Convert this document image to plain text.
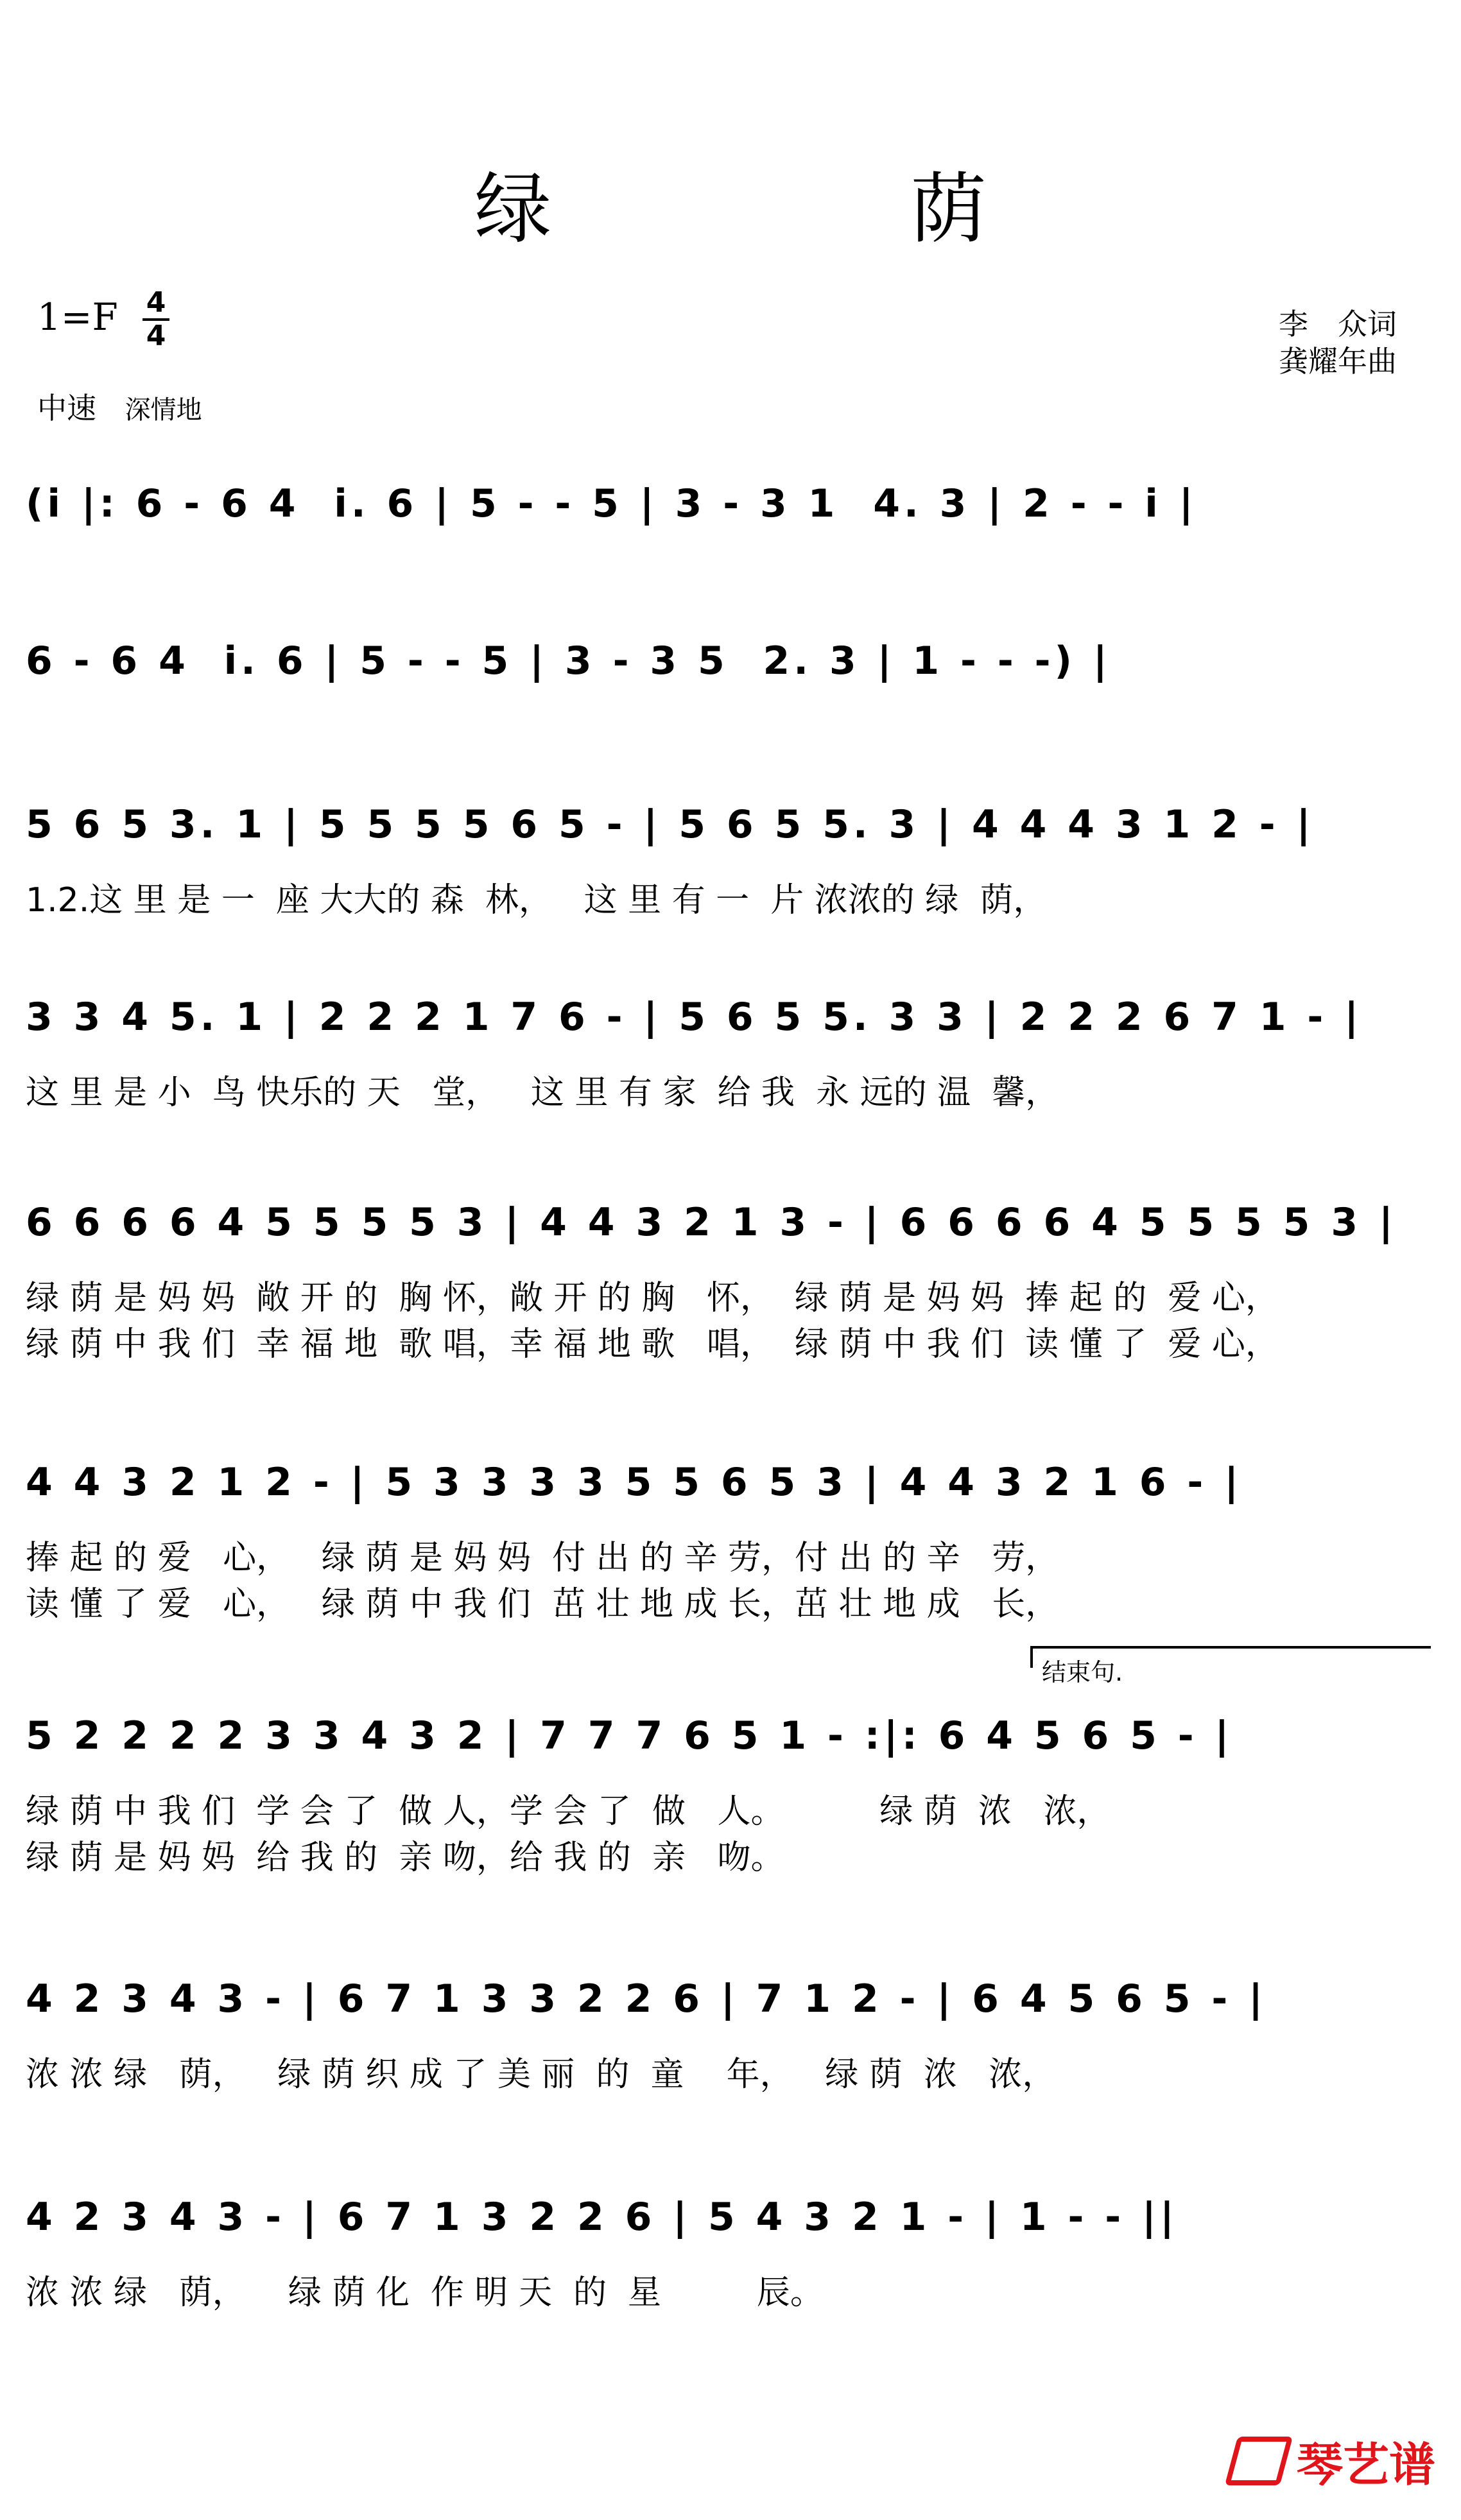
绿 荫
1=F 4
4
中速 深情地
李　众词
龚耀年曲
(i̇ |: 6 - 6 4  i̇. 6 | 5 - - 5 | 3 - 3 1  4. 3 | 2 - - i̇ |
6 - 6 4  i̇. 6 | 5 - - 5 | 3 - 3 5  2. 3 | 1 - - -) |
5 6 5 3. 1 | 5 5 5 5 6 5 - | 5 6 5 5. 3 | 4 4 4 3 1 2 - |
1.2.这 里 是 一  座 大大的 森  林，   这 里 有 一  片 浓浓的 绿  荫，
3 3 4 5. 1 | 2 2 2 1 7 6 - | 5 6 5 5. 3 3 | 2 2 2 6 7 1 - |
这 里 是 小  鸟 快乐的 天   堂，   这 里 有 家  给 我  永 远的 温  馨，
6 6 6 6 4 5 5 5 5 3 | 4 4 3 2 1 3 - | 6 6 6 6 4 5 5 5 5 3 |
绿 荫 是 妈 妈  敞 开 的  胸 怀，敞 开 的 胸   怀，  绿 荫 是 妈 妈  捧 起 的  爱 心，
绿 荫 中 我 们  幸 福 地  歌 唱，幸 福 地 歌   唱，  绿 荫 中 我 们  读 懂 了  爱 心，
4 4 3 2 1 2 - | 5 3 3 3 3 5 5 6 5 3 | 4 4 3 2 1 6 - |
捧 起 的 爱   心，   绿 荫 是 妈 妈  付 出 的 辛 劳，付 出 的 辛   劳，
读 懂 了 爱   心，   绿 荫 中 我 们  茁 壮 地 成 长，茁 壮 地 成   长，
5 2 2 2 2 3 3 4 3 2 | 7 7 7 6 5 1 - :|: 6 4 5 6 5 - |
绿 荫 中 我 们  学 会 了  做 人，学 会 了  做   人。         绿 荫  浓   浓，
绿 荫 是 妈 妈  给 我 的  亲 吻，给 我 的  亲   吻。
4 2 3 4 3 - | 6 7 1 3 3 2 2 6 | 7 1 2 - | 6 4 5 6 5 - |
浓 浓 绿   荫，   绿 荫 织 成 了 美 丽  的  童    年，   绿 荫  浓   浓，
4 2 3 4 3 - | 6 7 1 3 2 2 6 | 5 4 3 2 1 - | 1 - - ||
浓 浓 绿   荫，    绿 荫 化  作 明 天  的  星         辰。
结束句.
琴艺谱
